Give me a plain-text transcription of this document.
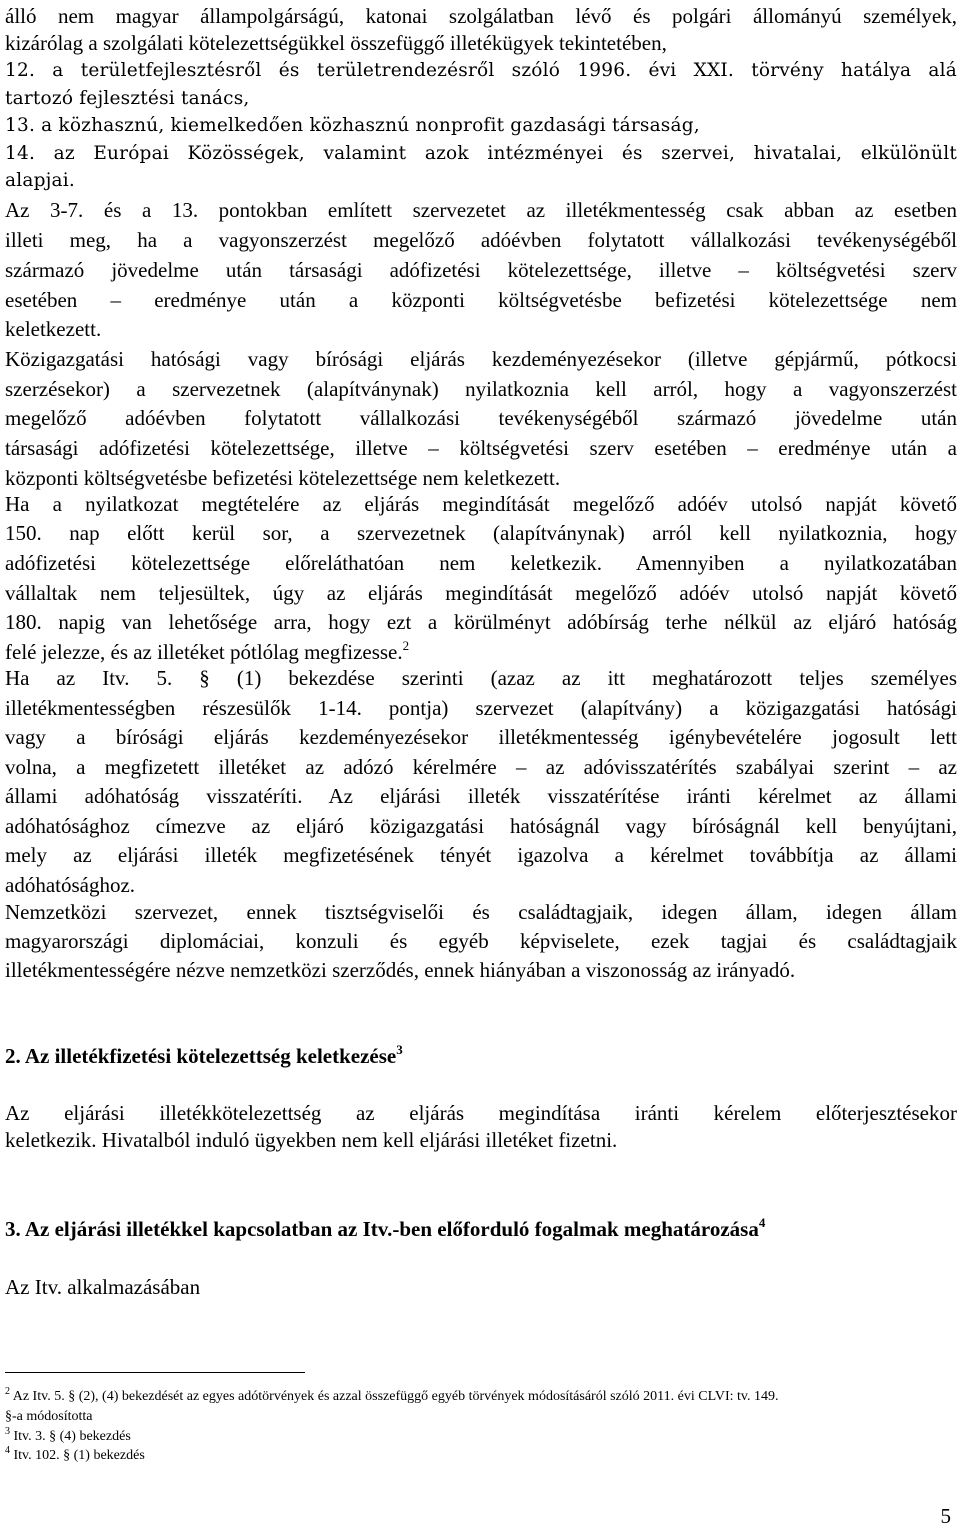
álló nem magyar állampolgárságú, katonai szolgálatban lévő és polgári állományú személyek,
kizárólag a szolgálati kötelezettségükkel összefüggő illetékügyek tekintetében,
12. a területfejlesztésről és területrendezésről szóló 1996. évi XXI. törvény hatálya alá
tartozó fejlesztési tanács,
13. a közhasznú, kiemelkedően közhasznú nonprofit gazdasági társaság,
14. az Európai Közösségek, valamint azok intézményei és szervei, hivatalai, elkülönült
alapjai.
Az 3-7. és a 13. pontokban említett szervezetet az illetékmentesség csak abban az esetben
illeti meg, ha a vagyonszerzést megelőző adóévben folytatott vállalkozási tevékenységéből
származó jövedelme után társasági adófizetési kötelezettsége, illetve – költségvetési szerv
esetében – eredménye után a központi költségvetésbe befizetési kötelezettsége nem
keletkezett.
Közigazgatási hatósági vagy bírósági eljárás kezdeményezésekor (illetve gépjármű, pótkocsi
szerzésekor) a szervezetnek (alapítványnak) nyilatkoznia kell arról, hogy a vagyonszerzést
megelőző adóévben folytatott vállalkozási tevékenységéből származó jövedelme után
társasági adófizetési kötelezettsége, illetve – költségvetési szerv esetében – eredménye után a
központi költségvetésbe befizetési kötelezettsége nem keletkezett.
Ha a nyilatkozat megtételére az eljárás megindítását megelőző adóév utolsó napját követő
150. nap előtt kerül sor, a szervezetnek (alapítványnak) arról kell nyilatkoznia, hogy
adófizetési kötelezettsége előreláthatóan nem keletkezik. Amennyiben a nyilatkozatában
vállaltak nem teljesültek, úgy az eljárás megindítását megelőző adóév utolsó napját követő
180. napig van lehetősége arra, hogy ezt a körülményt adóbírság terhe nélkül az eljáró hatóság
felé jelezze, és az illetéket pótlólag megfizesse.$^2$
Ha az Itv. 5. § (1) bekezdése szerinti (azaz az itt meghatározott teljes személyes
illetékmentességben részesülők 1-14. pontja) szervezet (alapítvány) a közigazgatási hatósági
vagy a bírósági eljárás kezdeményezésekor illetékmentesség igénybevételére jogosult lett
volna, a megfizetett illetéket az adózó kérelmére – az adóvisszatérítés szabályai szerint – az
állami adóhatóság visszatéríti. Az eljárási illeték visszatérítése iránti kérelmet az állami
adóhatósághoz címezve az eljáró közigazgatási hatóságnál vagy bíróságnál kell benyújtani,
mely az eljárási illeték megfizetésének tényét igazolva a kérelmet továbbítja az állami
adóhatósághoz.
Nemzetközi szervezet, ennek tisztségviselői és családtagjaik, idegen állam, idegen állam
magyarországi diplomáciai, konzuli és egyéb képviselete, ezek tagjai és családtagjaik
illetékmentességére nézve nemzetközi szerződés, ennek hiányában a viszonosság az irányadó.
2. Az illetékfizetési kötelezettség keletkezése$^3$
Az eljárási illetékkötelezettség az eljárás megindítása iránti kérelem előterjesztésekor
keletkezik. Hivatalból induló ügyekben nem kell eljárási illetéket fizetni.
3. Az eljárási illetékkel kapcsolatban az Itv.-ben előforduló fogalmak meghatározása$^4$
Az Itv. alkalmazásában
$^2$ Az Itv. 5. § (2), (4) bekezdését az egyes adótörvények és azzal összefüggő egyéb törvények módosításáról szóló 2011. évi CLVI: tv. 149.
§-a módosította
$^3$ Itv. 3. § (4) bekezdés
$^4$ Itv. 102. § (1) bekezdés
5
